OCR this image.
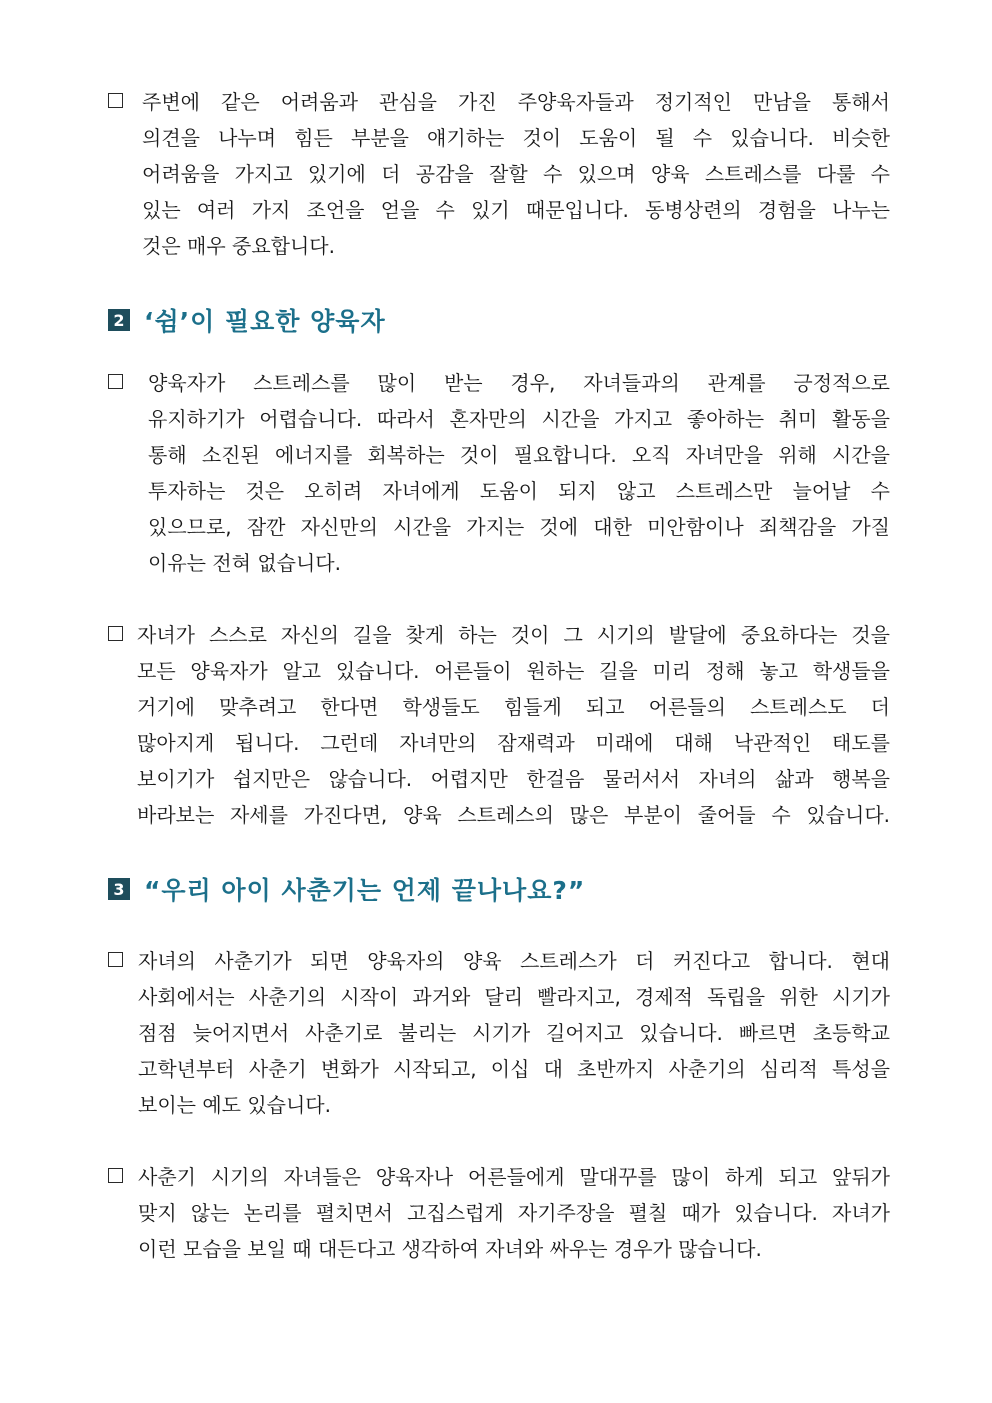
주변에 같은 어려움과 관심을 가진 주양육자들과 정기적인 만남을 통해서
의견을 나누며 힘든 부분을 얘기하는 것이 도움이 될 수 있습니다. 비슷한
어려움을 가지고 있기에 더 공감을 잘할 수 있으며 양육 스트레스를 다룰 수
있는 여러 가지 조언을 얻을 수 있기 때문입니다. 동병상련의 경험을 나누는
것은 매우 중요합니다.
2 ‘쉼’이 필요한 양육자
양육자가 스트레스를 많이 받는 경우, 자녀들과의 관계를 긍정적으로
유지하기가 어렵습니다. 따라서 혼자만의 시간을 가지고 좋아하는 취미 활동을
통해 소진된 에너지를 회복하는 것이 필요합니다. 오직 자녀만을 위해 시간을
투자하는 것은 오히려 자녀에게 도움이 되지 않고 스트레스만 늘어날 수
있으므로, 잠깐 자신만의 시간을 가지는 것에 대한 미안함이나 죄책감을 가질
이유는 전혀 없습니다.
자녀가 스스로 자신의 길을 찾게 하는 것이 그 시기의 발달에 중요하다는 것을
모든 양육자가 알고 있습니다. 어른들이 원하는 길을 미리 정해 놓고 학생들을
거기에 맞추려고 한다면 학생들도 힘들게 되고 어른들의 스트레스도 더
많아지게 됩니다. 그런데 자녀만의 잠재력과 미래에 대해 낙관적인 태도를
보이기가 쉽지만은 않습니다. 어렵지만 한걸음 물러서서 자녀의 삶과 행복을
바라보는 자세를 가진다면, 양육 스트레스의 많은 부분이 줄어들 수 있습니다.
3 “우리 아이 사춘기는 언제 끝나나요?”
자녀의 사춘기가 되면 양육자의 양육 스트레스가 더 커진다고 합니다. 현대
사회에서는 사춘기의 시작이 과거와 달리 빨라지고, 경제적 독립을 위한 시기가
점점 늦어지면서 사춘기로 불리는 시기가 길어지고 있습니다. 빠르면 초등학교
고학년부터 사춘기 변화가 시작되고, 이십 대 초반까지 사춘기의 심리적 특성을
보이는 예도 있습니다.
사춘기 시기의 자녀들은 양육자나 어른들에게 말대꾸를 많이 하게 되고 앞뒤가
맞지 않는 논리를 펼치면서 고집스럽게 자기주장을 펼칠 때가 있습니다. 자녀가
이런 모습을 보일 때 대든다고 생각하여 자녀와 싸우는 경우가 많습니다.
